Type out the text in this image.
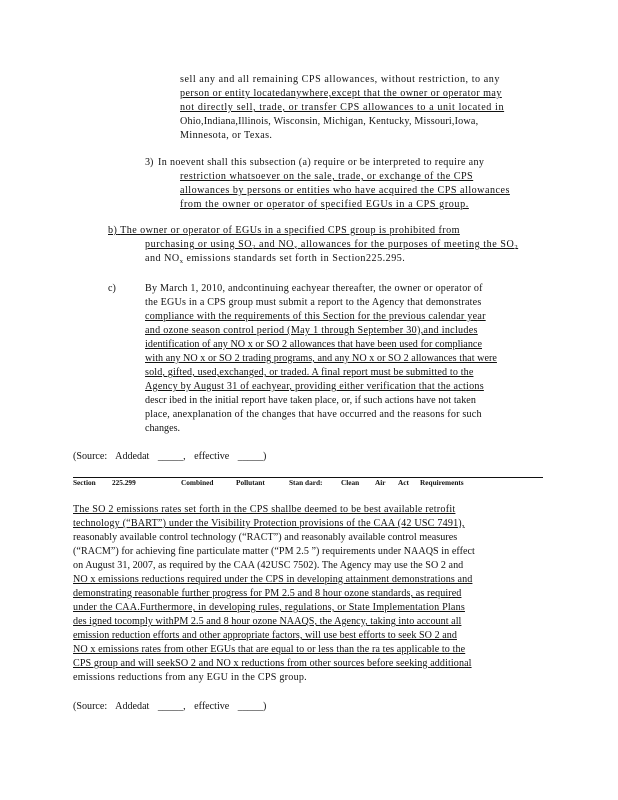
sell any and all remaining CPS allowances, without restriction, to any
person or entity locatedanywhere,except that the owner or operator may
not directly sell, trade, or transfer CPS allowances to a unit located in
Ohio,Indiana,Illinois, Wisconsin, Michigan, Kentucky, Missouri,Iowa,
Minnesota, or Texas.
3) In noevent shall this subsection (a) require or be interpreted to require any
restriction whatsoever on the sale, trade, or exchange of the CPS
allowances by persons or entities who have acquired the CPS allowances
from the owner or operator of specified EGUs in a CPS group.
b) The owner or operator of EGUs in a specified CPS group is prohibited from
purchasing or using $SO_2$ and $NO_x$ allowances for the purposes of meeting the $SO_2$
and $NO_x$ emissions standards set forth in Section225.295.
c)	By March 1, 2010, andcontinuing eachyear thereafter, the owner or operator of
the EGUs in a CPS group must submit a report to the Agency that demonstrates
compliance with the requirements of this Section for the previous calendar year
and ozone season control period (May 1 through September 30),and includes
identification of any NO x or SO 2 allowances that have been used for compliance
with any NO x or SO 2 trading programs, and any NO x or SO 2 allowances that were
sold, gifted, used,exchanged, or traded. A final report must be submitted to the
Agency by August 31 of eachyear, providing either verification that the actions
descr ibed in the initial report have taken place, or, if such actions have not taken
place, anexplanation of the changes that have occurred and the reasons for such
changes.
(Source: Addedat _____, effective _____)
Section 225.299	Combined	Pollutant	Stan dard:	Clean Air Act Requirements
The SO 2 emissions rates set forth in the CPS shallbe deemed to be best available retrofit
technology (“BART”) under the Visibility Protection provisions of the CAA (42 USC 7491),
reasonably available control technology (“RACT”) and reasonably available control measures
(“RACM”) for achieving fine particulate matter (“PM 2.5 ”) requirements under NAAQS in effect
on August 31, 2007, as required by the CAA (42USC 7502). The Agency may use the SO 2 and
NO x emissions reductions required under the CPS in developing attainment demonstrations and
demonstrating reasonable further progress for PM 2.5 and 8 hour ozone standards, as required
under the CAA.Furthermore, in developing rules, regulations, or State Implementation Plans
des igned tocomply withPM 2.5 and 8 hour ozone NAAQS, the Agency, taking into account all
emission reduction efforts and other appropriate factors, will use best efforts to seek SO 2 and
NO x emissions rates from other EGUs that are equal to or less than the ra tes applicable to the
CPS group and will seekSO 2 and NO x reductions from other sources before seeking additional
emissions reductions from any EGU in the CPS group.
(Source: Addedat _____, effective _____)
